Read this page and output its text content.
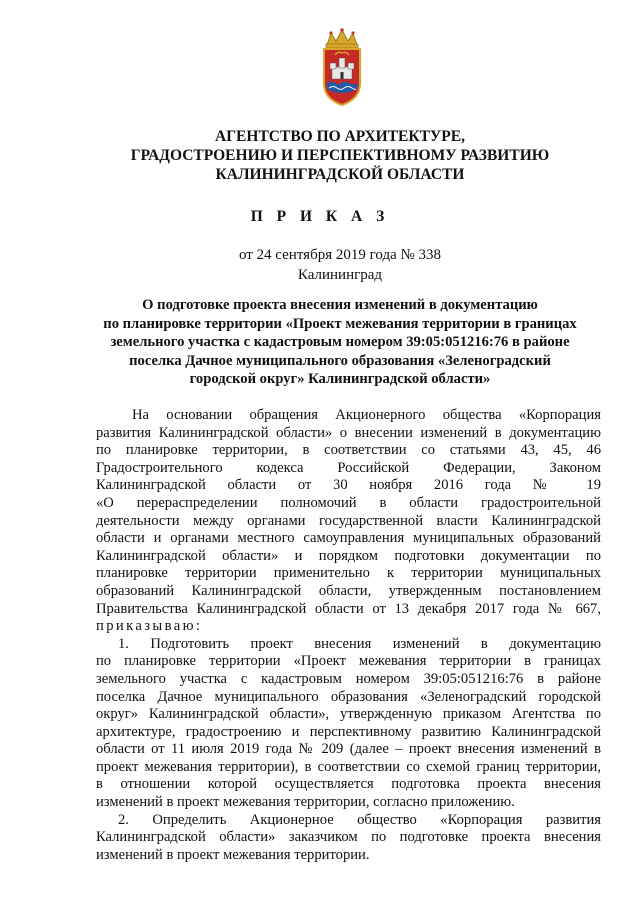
АГЕНТСТВО ПО АРХИТЕКТУРЕ,
ГРАДОСТРОЕНИЮ И ПЕРСПЕКТИВНОМУ РАЗВИТИЮ
КАЛИНИНГРАДСКОЙ ОБЛАСТИ
П Р И К А З
от 24 сентября 2019 года № 338
Калининград
О подготовке проекта внесения изменений в документацию
по планировке территории «Проект межевания территории в границах
земельного участка с кадастровым номером 39:05:051216:76 в районе
поселка Дачное муниципального образования «Зеленоградский
городской округ» Калининградской области»
На основании обращения Акционерного общества «Корпорация
развития Калининградской области» о внесении изменений в документацию
по планировке территории, в соответствии со статьями 43, 45, 46
Градостроительного кодекса Российской Федерации, Законом
Калининградской области от 30 ноября 2016 года № 19
«О перераспределении полномочий в области градостроительной
деятельности между органами государственной власти Калининградской
области и органами местного самоуправления муниципальных образований
Калининградской области» и порядком подготовки документации по
планировке территории применительно к территории муниципальных
образований Калининградской области, утвержденным постановлением
Правительства Калининградской области от 13 декабря 2017 года № 667,
приказываю:
1. Подготовить проект внесения изменений в документацию
по планировке территории «Проект межевания территории в границах
земельного участка с кадастровым номером 39:05:051216:76 в районе
поселка Дачное муниципального образования «Зеленоградский городской
округ» Калининградской области», утвержденную приказом Агентства по
архитектуре, градостроению и перспективному развитию Калининградской
области от 11 июля 2019 года № 209 (далее – проект внесения изменений в
проект межевания территории), в соответствии со схемой границ территории,
в отношении которой осуществляется подготовка проекта внесения
изменений в проект межевания территории, согласно приложению.
2. Определить Акционерное общество «Корпорация развития
Калининградской области» заказчиком по подготовке проекта внесения
изменений в проект межевания территории.
